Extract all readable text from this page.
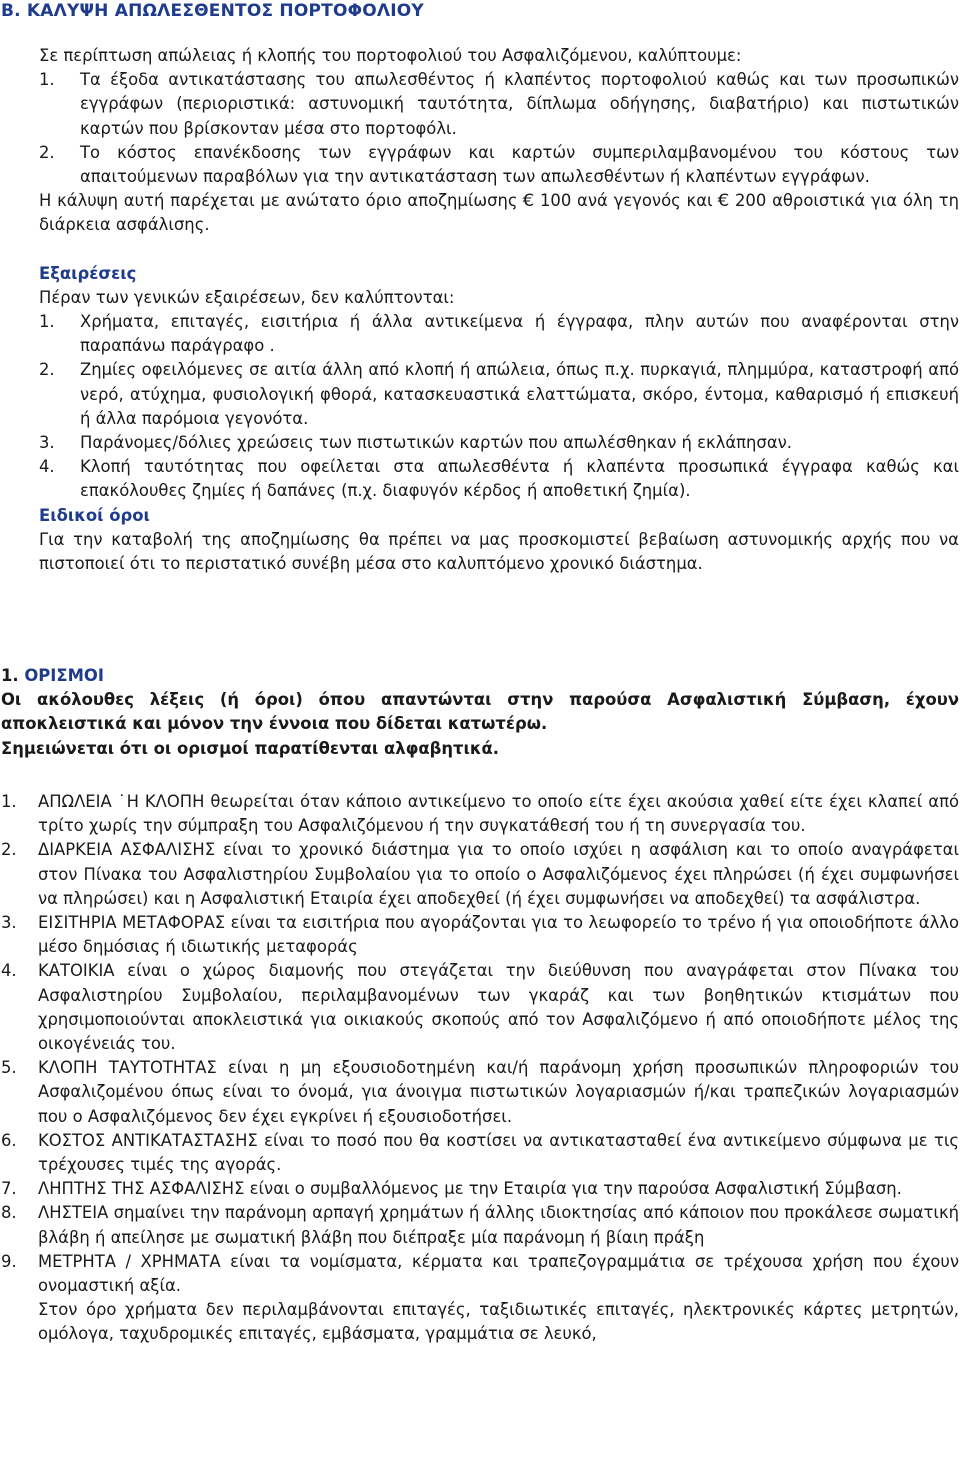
Β. ΚΑΛΥΨΗ ΑΠΩΛΕΣΘΕΝΤΟΣ ΠΟΡΤΟΦΟΛΙΟΥ
Σε περίπτωση απώλειας ή κλοπής του πορτοφολιού του Ασφαλιζόμενου, καλύπτουμε:
1. Τα έξοδα αντικατάστασης του απωλεσθέντος ή κλαπέντος πορτοφολιού καθώς και των προσωπικών εγγράφων (περιοριστικά: αστυνομική ταυτότητα, δίπλωμα οδήγησης, διαβατήριο) και πιστωτικών καρτών που βρίσκονταν μέσα στο πορτοφόλι.
2. Το κόστος επανέκδοσης των εγγράφων και καρτών συμπεριλαμβανομένου του κόστους των απαιτούμενων παραβόλων για την αντικατάσταση των απωλεσθέντων ή κλαπέντων εγγράφων.
Η κάλυψη αυτή παρέχεται με ανώτατο όριο αποζημίωσης € 100 ανά γεγονός και € 200 αθροιστικά για όλη τη διάρκεια ασφάλισης.
Εξαιρέσεις
Πέραν των γενικών εξαιρέσεων, δεν καλύπτονται:
1. Χρήματα, επιταγές, εισιτήρια ή άλλα αντικείμενα ή έγγραφα, πλην αυτών που αναφέρονται στην παραπάνω παράγραφο .
2. Ζημίες οφειλόμενες σε αιτία άλλη από κλοπή ή απώλεια, όπως π.χ. πυρκαγιά, πλημμύρα, καταστροφή από νερό, ατύχημα, φυσιολογική φθορά, κατασκευαστικά ελαττώματα, σκόρο, έντομα, καθαρισμό ή επισκευή ή άλλα παρόμοια γεγονότα.
3. Παράνομες/δόλιες χρεώσεις των πιστωτικών καρτών που απωλέσθηκαν ή εκλάπησαν.
4. Κλοπή ταυτότητας που οφείλεται στα απωλεσθέντα ή κλαπέντα προσωπικά έγγραφα καθώς και επακόλουθες ζημίες ή δαπάνες (π.χ. διαφυγόν κέρδος ή αποθετική ζημία).
Ειδικοί όροι
Για την καταβολή της αποζημίωσης θα πρέπει να μας προσκομιστεί βεβαίωση αστυνομικής αρχής που να πιστοποιεί ότι το περιστατικό συνέβη μέσα στο καλυπτόμενο χρονικό διάστημα.
1. ΟΡΙΣΜΟΙ
Οι ακόλουθες λέξεις (ή όροι) όπου απαντώνται στην παρούσα Ασφαλιστική Σύμβαση, έχουν αποκλειστικά και μόνον την έννοια που δίδεται κατωτέρω.
Σημειώνεται ότι οι ορισμοί παρατίθενται αλφαβητικά.
1. ΑΠΩΛΕΙΑ ˙Η ΚΛΟΠΗ θεωρείται όταν κάποιο αντικείμενο το οποίο είτε έχει ακούσια χαθεί είτε έχει κλαπεί από τρίτο χωρίς την σύμπραξη του Ασφαλιζόμενου ή την συγκατάθεσή του ή τη συνεργασία του.
2. ΔΙΑΡΚΕΙΑ ΑΣΦΑΛΙΣΗΣ είναι το χρονικό διάστημα για το οποίο ισχύει η ασφάλιση και το οποίο αναγράφεται στον Πίνακα του Ασφαλιστηρίου Συμβολαίου για το οποίο ο Ασφαλιζόμενος έχει πληρώσει (ή έχει συμφωνήσει να πληρώσει) και η Ασφαλιστική Εταιρία έχει αποδεχθεί (ή έχει συμφωνήσει να αποδεχθεί) τα ασφάλιστρα.
3. ΕΙΣΙΤΗΡΙΑ ΜΕΤΑΦΟΡΑΣ είναι τα εισιτήρια που αγοράζονται για το λεωφορείο το τρένο ή για οποιοδήποτε άλλο μέσο δημόσιας ή ιδιωτικής μεταφοράς
4. ΚΑΤΟΙΚΙΑ είναι ο χώρος διαμονής που στεγάζεται την διεύθυνση που αναγράφεται στον Πίνακα του Ασφαλιστηρίου Συμβολαίου, περιλαμβανομένων των γκαράζ και των βοηθητικών κτισμάτων που χρησιμοποιούνται αποκλειστικά για οικιακούς σκοπούς από τον Ασφαλιζόμενο ή από οποιοδήποτε μέλος της οικογένειάς του.
5. ΚΛΟΠΗ ΤΑΥΤΟΤΗΤΑΣ είναι η μη εξουσιοδοτημένη και/ή παράνομη χρήση προσωπικών πληροφοριών του Ασφαλιζομένου όπως είναι το όνομά, για άνοιγμα πιστωτικών λογαριασμών ή/και τραπεζικών λογαριασμών που ο Ασφαλιζόμενος δεν έχει εγκρίνει ή εξουσιοδοτήσει.
6. ΚΟΣΤΟΣ ΑΝΤΙΚΑΤΑΣΤΑΣΗΣ είναι το ποσό που θα κοστίσει να αντικατασταθεί ένα αντικείμενο σύμφωνα με τις τρέχουσες τιμές της αγοράς.
7. ΛΗΠΤΗΣ ΤΗΣ ΑΣΦΑΛΙΣΗΣ είναι ο συμβαλλόμενος με την Εταιρία για την παρούσα Ασφαλιστική Σύμβαση.
8. ΛΗΣΤΕΙΑ σημαίνει την παράνομη αρπαγή χρημάτων ή άλλης ιδιοκτησίας από κάποιον που προκάλεσε σωματική βλάβη ή απείλησε με σωματική βλάβη που διέπραξε μία παράνομη ή βίαιη πράξη
9. ΜΕΤΡΗΤΑ / ΧΡΗΜΑΤΑ είναι τα νομίσματα, κέρματα και τραπεζογραμμάτια σε τρέχουσα χρήση που έχουν ονομαστική αξία.
Στον όρο χρήματα δεν περιλαμβάνονται επιταγές, ταξιδιωτικές επιταγές, ηλεκτρονικές κάρτες μετρητών, ομόλογα, ταχυδρομικές επιταγές, εμβάσματα, γραμμάτια σε λευκό,
